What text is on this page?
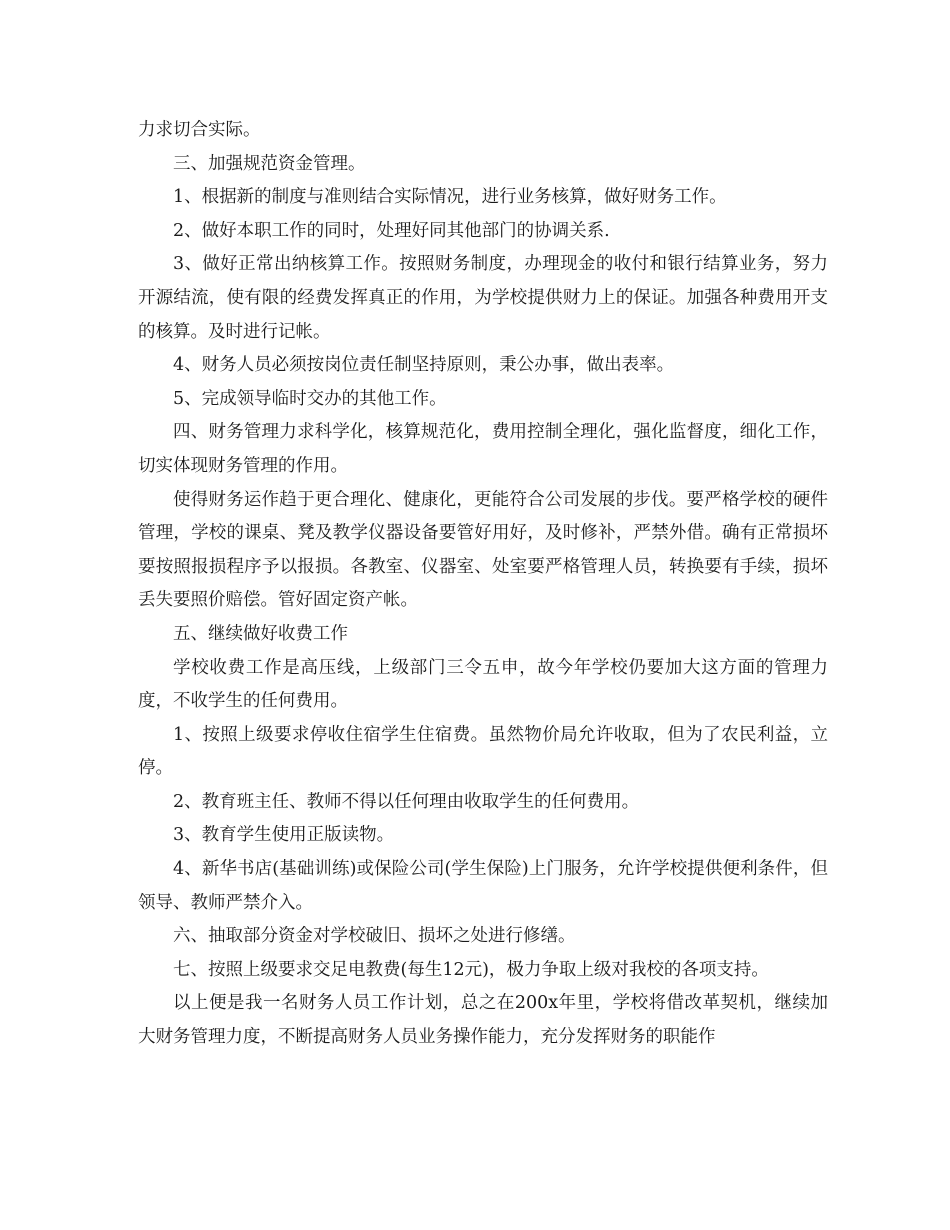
力求切合实际。

三、加强规范资金管理。

1、根据新的制度与准则结合实际情况，进行业务核算，做好财务工作。

2、做好本职工作的同时，处理好同其他部门的协调关系.

3、做好正常出纳核算工作。按照财务制度，办理现金的收付和银行结算业务，努力开源结流，使有限的经费发挥真正的作用，为学校提供财力上的保证。加强各种费用开支的核算。及时进行记帐。

4、财务人员必须按岗位责任制坚持原则，秉公办事，做出表率。

5、完成领导临时交办的其他工作。

四、财务管理力求科学化，核算规范化，费用控制全理化，强化监督度，细化工作，切实体现财务管理的作用。

使得财务运作趋于更合理化、健康化，更能符合公司发展的步伐。要严格学校的硬件管理，学校的课桌、凳及教学仪器设备要管好用好，及时修补，严禁外借。确有正常损坏要按照报损程序予以报损。各教室、仪器室、处室要严格管理人员，转换要有手续，损坏丢失要照价赔偿。管好固定资产帐。

五、继续做好收费工作

学校收费工作是高压线，上级部门三令五申，故今年学校仍要加大这方面的管理力度，不收学生的任何费用。

1、按照上级要求停收住宿学生住宿费。虽然物价局允许收取，但为了农民利益，立停。

2、教育班主任、教师不得以任何理由收取学生的任何费用。

3、教育学生使用正版读物。

4、新华书店(基础训练)或保险公司(学生保险)上门服务，允许学校提供便利条件，但领导、教师严禁介入。

六、抽取部分资金对学校破旧、损坏之处进行修缮。

七、按照上级要求交足电教费(每生12元)，极力争取上级对我校的各项支持。

以上便是我一名财务人员工作计划，总之在200x年里，学校将借改革契机，继续加大财务管理力度，不断提高财务人员业务操作能力，充分发挥财务的职能作
